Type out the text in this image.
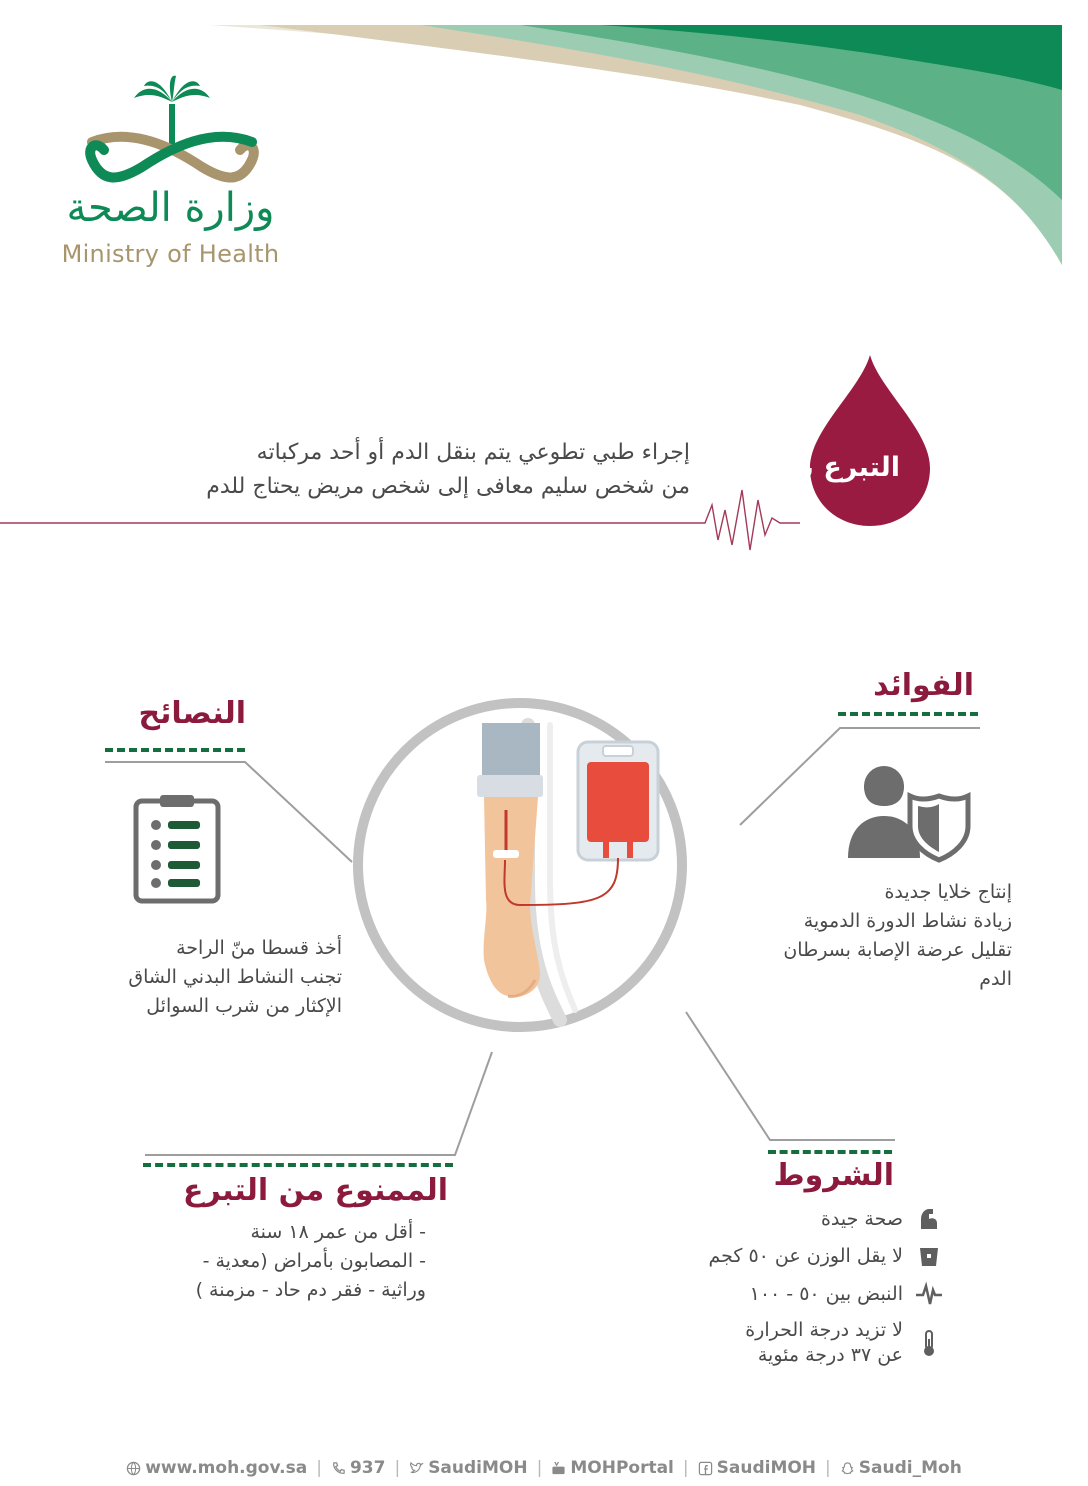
وزارة الصحة
Ministry of Health
التبرع بالدم
إجراء طبي تطوعي يتم بنقل الدم أو أحد مركباته
من شخص سليم معافى إلى شخص مريض يحتاج للدم
الفوائد
إنتاج خلايا جديدة
زيادة نشاط الدورة الدموية
تقليل عرضة الإصابة بسرطان
الدم
النصائح
أخذ قسطا منّ الراحة
تجنب النشاط البدني الشاق
الإكثار من شرب السوائل
الممنوع من التبرع
- أقل من عمر ١٨ سنة
- المصابون بأمراض (معدية -
وراثية - فقر دم حاد - مزمنة )
الشروط
صحة جيدة
لا يقل الوزن عن ٥٠ كجم
النبض بين ٥٠ - ١٠٠
لا تزيد درجة الحرارة
عن ٣٧ درجة مئوية
www.moh.gov.sa | 937 | SaudiMOH | MOHPortal | SaudiMOH | Saudi_Moh
